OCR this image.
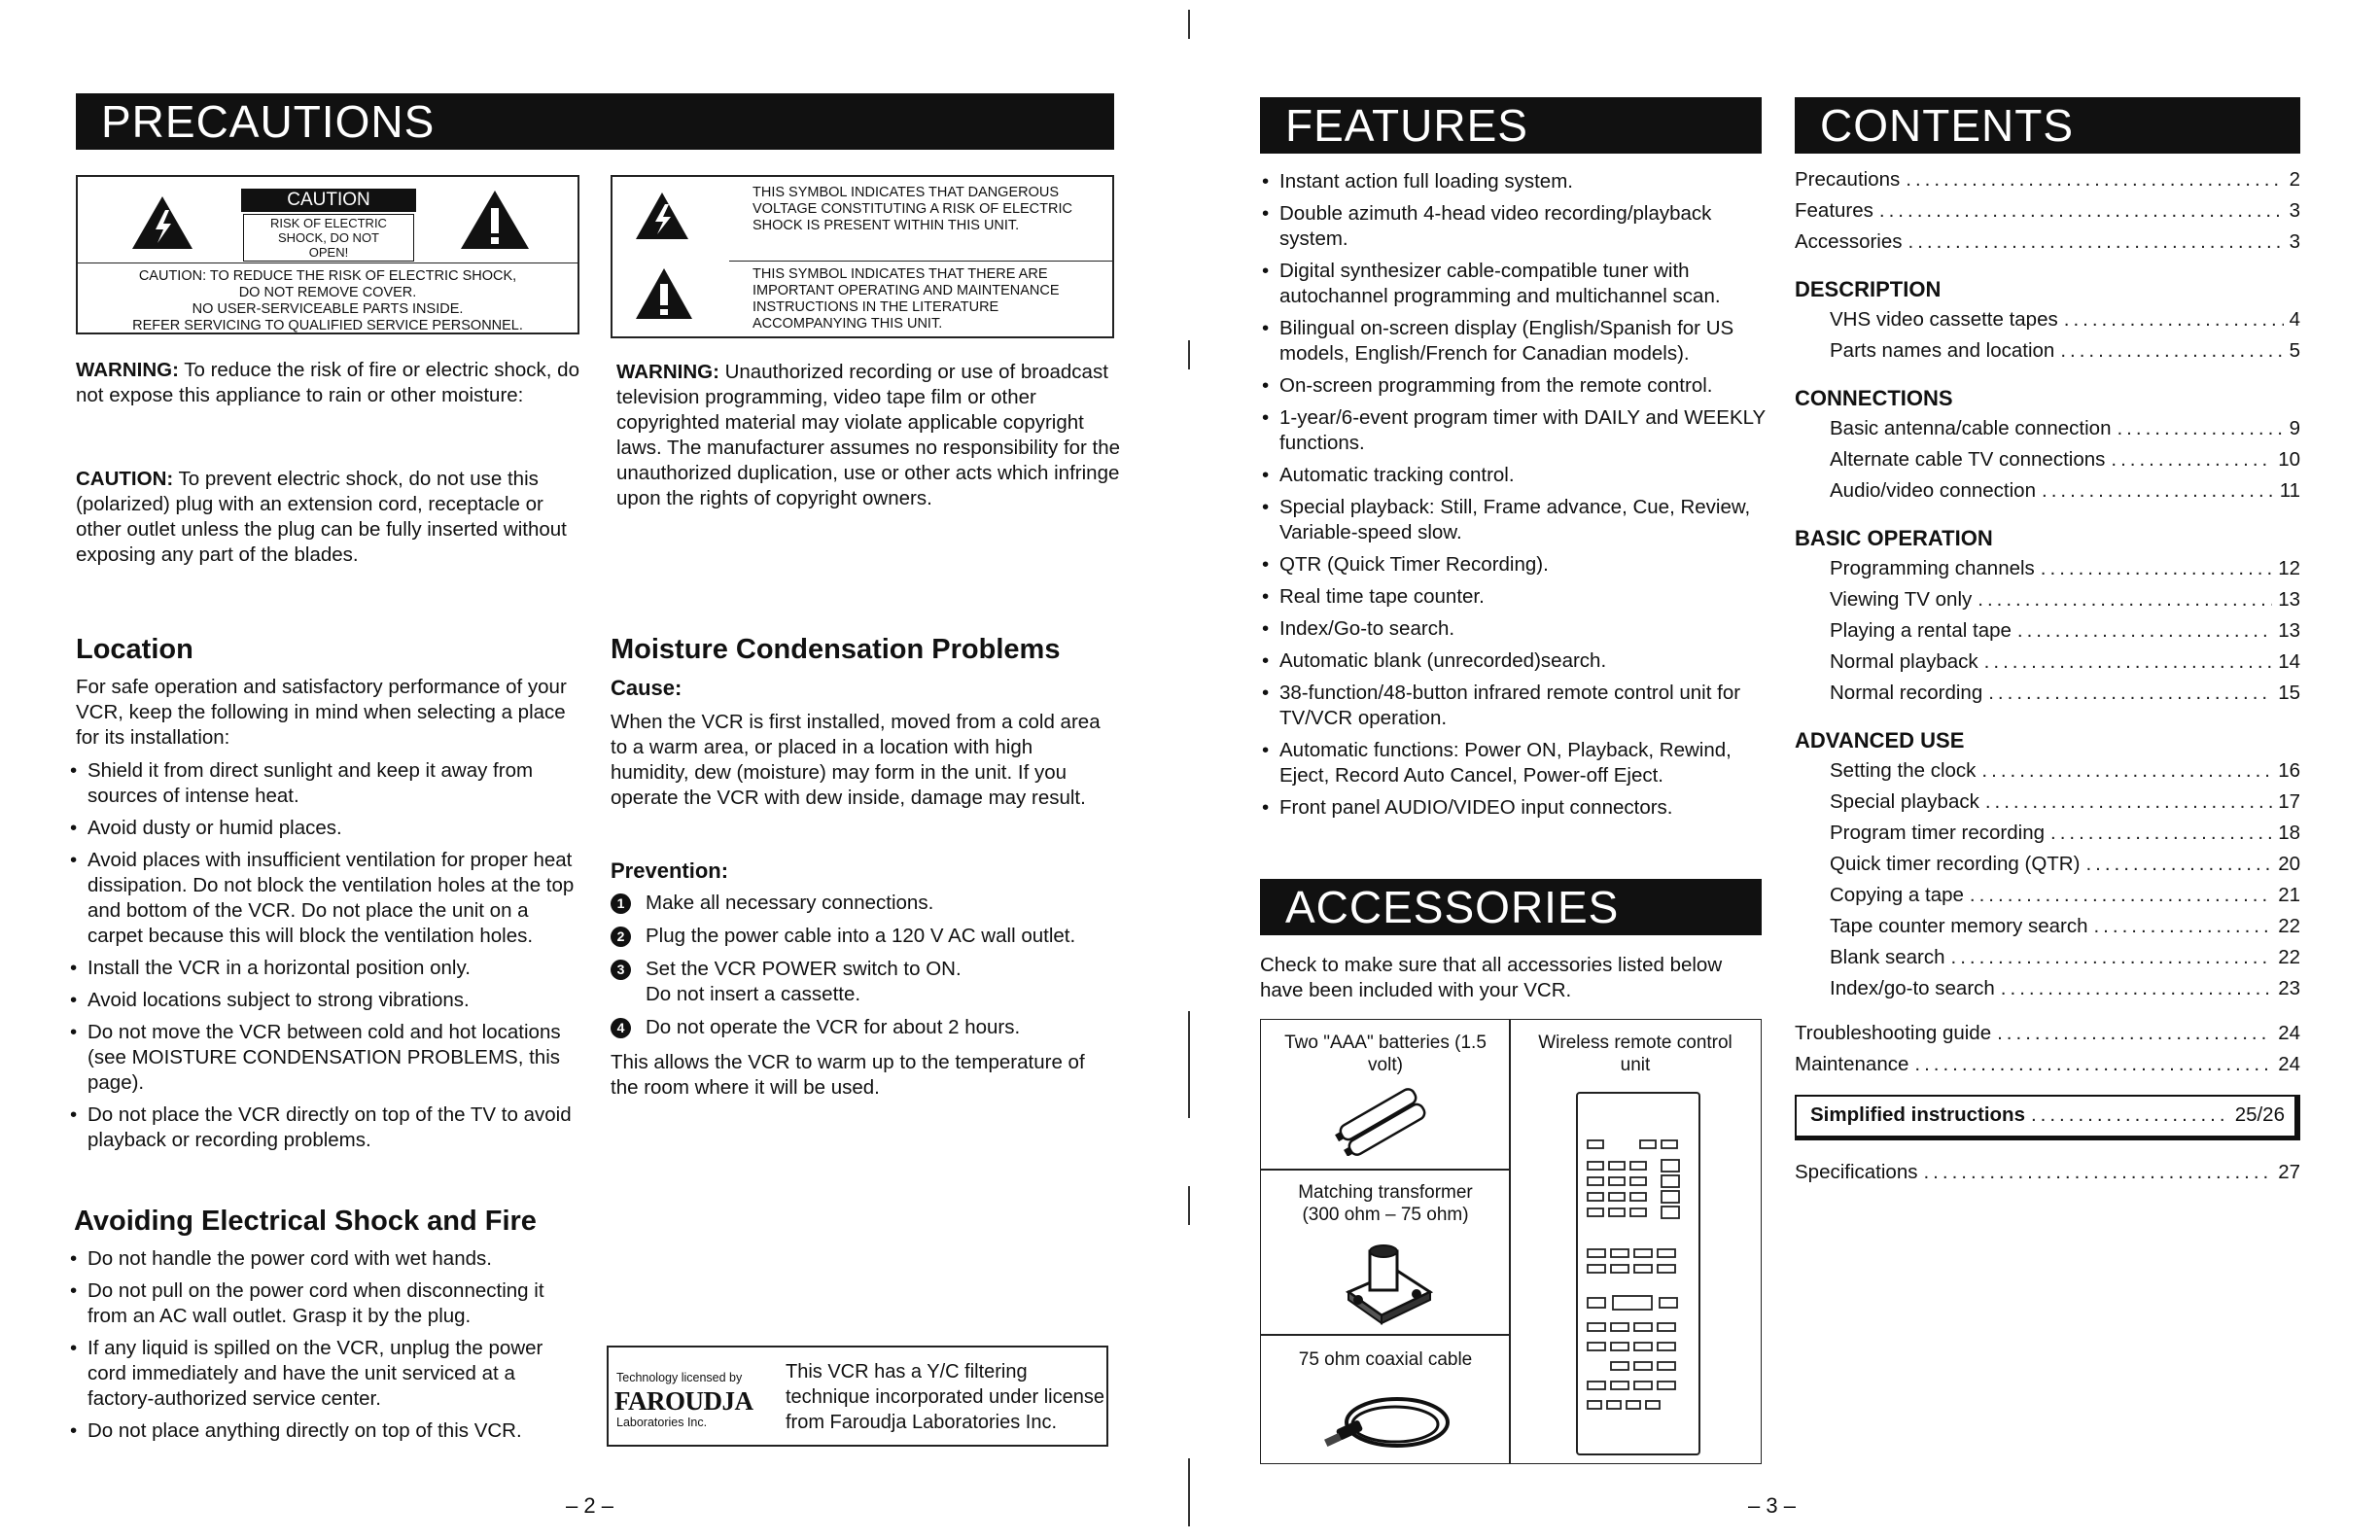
PRECAUTIONS
CAUTION
RISK OF ELECTRIC SHOCK, DO NOT OPEN!
CAUTION: TO REDUCE THE RISK OF ELECTRIC SHOCK,
DO NOT REMOVE COVER.
NO USER-SERVICEABLE PARTS INSIDE.
REFER SERVICING TO QUALIFIED SERVICE PERSONNEL.
THIS SYMBOL INDICATES THAT DANGEROUS VOLTAGE CONSTITUTING A RISK OF ELECTRIC SHOCK IS PRESENT WITHIN THIS UNIT.
THIS SYMBOL INDICATES THAT THERE ARE IMPORTANT OPERATING AND MAINTENANCE INSTRUCTIONS IN THE LITERATURE ACCOMPANYING THIS UNIT.
WARNING: To reduce the risk of fire or electric shock, do not expose this appliance to rain or other moisture:
CAUTION: To prevent electric shock, do not use this (polarized) plug with an extension cord, receptacle or other outlet unless the plug can be fully inserted without exposing any part of the blades.
WARNING: Unauthorized recording or use of broadcast television programming, video tape film or other copyrighted material may violate applicable copyright laws. The manufacturer assumes no responsibility for the unauthorized duplication, use or other acts which infringe upon the rights of copyright owners.
Location
For safe operation and satisfactory performance of your VCR, keep the following in mind when selecting a place for its installation:
• Shield it from direct sunlight and keep it away from sources of intense heat.
• Avoid dusty or humid places.
• Avoid places with insufficient ventilation for proper heat dissipation. Do not block the ventilation holes at the top and bottom of the VCR. Do not place the unit on a carpet because this will block the ventilation holes.
• Install the VCR in a horizontal position only.
• Avoid locations subject to strong vibrations.
• Do not move the VCR between cold and hot locations (see MOISTURE CONDENSATION PROBLEMS, this page).
• Do not place the VCR directly on top of the TV to avoid playback or recording problems.
Avoiding Electrical Shock and Fire
• Do not handle the power cord with wet hands.
• Do not pull on the power cord when disconnecting it from an AC wall outlet. Grasp it by the plug.
• If any liquid is spilled on the VCR, unplug the power cord immediately and have the unit serviced at a factory-authorized service center.
• Do not place anything directly on top of this VCR.
Moisture Condensation Problems
Cause:
When the VCR is first installed, moved from a cold area to a warm area, or placed in a location with high humidity, dew (moisture) may form in the unit. If you operate the VCR with dew inside, damage may result.
Prevention:
1	Make all necessary connections.
2	Plug the power cable into a 120 V AC wall outlet.
3	Set the VCR POWER switch to ON.
Do not insert a cassette.
4	Do not operate the VCR for about 2 hours.
This allows the VCR to warm up to the temperature of the room where it will be used.
Technology licensed by
FAROUDJA
Laboratories Inc.
This VCR has a Y/C filtering technique incorporated under license from Faroudja Laboratories Inc.
– 2 –
FEATURES
• Instant action full loading system.
• Double azimuth 4-head video recording/playback system.
• Digital synthesizer cable-compatible tuner with autochannel programming and multichannel scan.
• Bilingual on-screen display (English/Spanish for US models, English/French for Canadian models).
• On-screen programming from the remote control.
• 1-year/6-event program timer with DAILY and WEEKLY functions.
• Automatic tracking control.
• Special playback: Still, Frame advance, Cue, Review, Variable-speed slow.
• QTR (Quick Timer Recording).
• Real time tape counter.
• Index/Go-to search.
• Automatic blank (unrecorded)search.
• 38-function/48-button infrared remote control unit for TV/VCR operation.
• Automatic functions: Power ON, Playback, Rewind, Eject, Record Auto Cancel, Power-off Eject.
• Front panel AUDIO/VIDEO input connectors.
ACCESSORIES
Check to make sure that all accessories listed below have been included with your VCR.
Two "AAA" batteries (1.5 volt)
Matching transformer (300 ohm – 75 ohm)
75 ohm coaxial cable
Wireless remote control unit
CONTENTS
Precautions .....	2
Features .....	3
Accessories .....	3
DESCRIPTION
VHS video cassette tapes .....	4
Parts names and location .....	5
CONNECTIONS
Basic antenna/cable connection .....	9
Alternate cable TV connections .....	10
Audio/video connection .....	11
BASIC OPERATION
Programming channels .....	12
Viewing TV only .....	13
Playing a rental tape .....	13
Normal playback .....	14
Normal recording .....	15
ADVANCED USE
Setting the clock .....	16
Special playback .....	17
Program timer recording .....	18
Quick timer recording (QTR) .....	20
Copying a tape .....	21
Tape counter memory search .....	22
Blank search .....	22
Index/go-to search .....	23
Troubleshooting guide .....	24
Maintenance .....	24
Simplified instructions .....	25/26
Specifications .....	27
– 3 –
